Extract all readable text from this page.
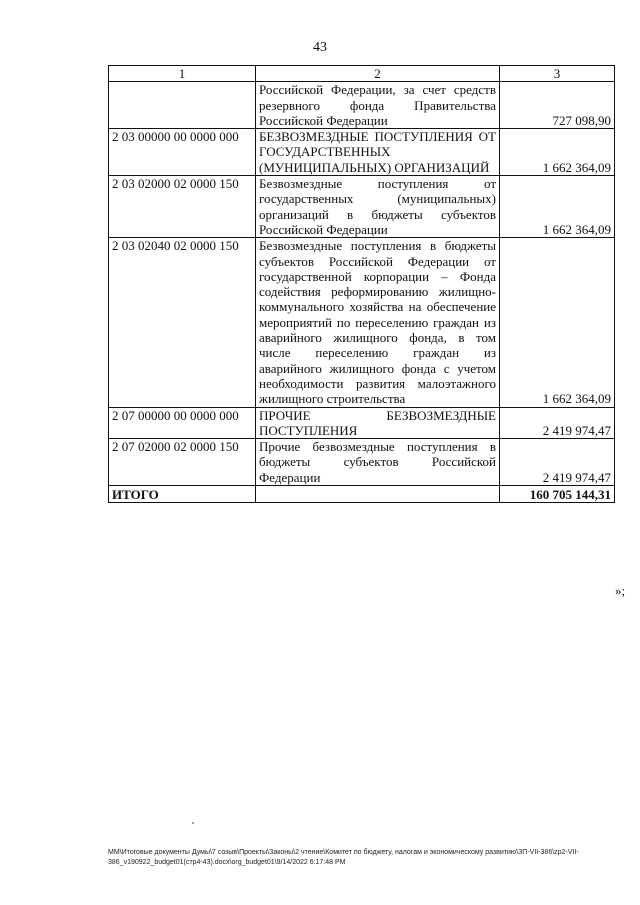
43
1	2	3
	Российской Федерации, за счет средств резервного фонда Правительства Российской Федерации	727 098,90
2 03 00000 00 0000 000	БЕЗВОЗМЕЗДНЫЕ ПОСТУПЛЕНИЯ ОТ ГОСУДАРСТВЕННЫХ (МУНИЦИПАЛЬНЫХ) ОРГАНИЗАЦИЙ	1 662 364,09
2 03 02000 02 0000 150	Безвозмездные поступления от государственных (муниципальных) организаций в бюджеты субъектов Российской Федерации	1 662 364,09
2 03 02040 02 0000 150	Безвозмездные поступления в бюджеты субъектов Российской Федерации от государственной корпорации – Фонда содействия реформированию жилищно-коммунального хозяйства на обеспечение мероприятий по переселению граждан из аварийного жилищного фонда, в том числе переселению граждан из аварийного жилищного фонда с учетом необходимости развития малоэтажного жилищного строительства	1 662 364,09
2 07 00000 00 0000 000	ПРОЧИЕ БЕЗВОЗМЕЗДНЫЕ ПОСТУПЛЕНИЯ	2 419 974,47
2 07 02000 02 0000 150	Прочие безвозмездные поступления в бюджеты субъектов Российской Федерации	2 419 974,47
ИТОГО		160 705 144,31
»;
ММ\Итоговые документы Думы\7 созыв\Проекты\Законы\2 чтение\Комитет по бюджету, налогам и экономическому развитию\ЗП-VII-386\zp2-VII-386_v190922_budget01(стр4-43).docx\org_budget01\9/14/2022 6:17:48 PM
